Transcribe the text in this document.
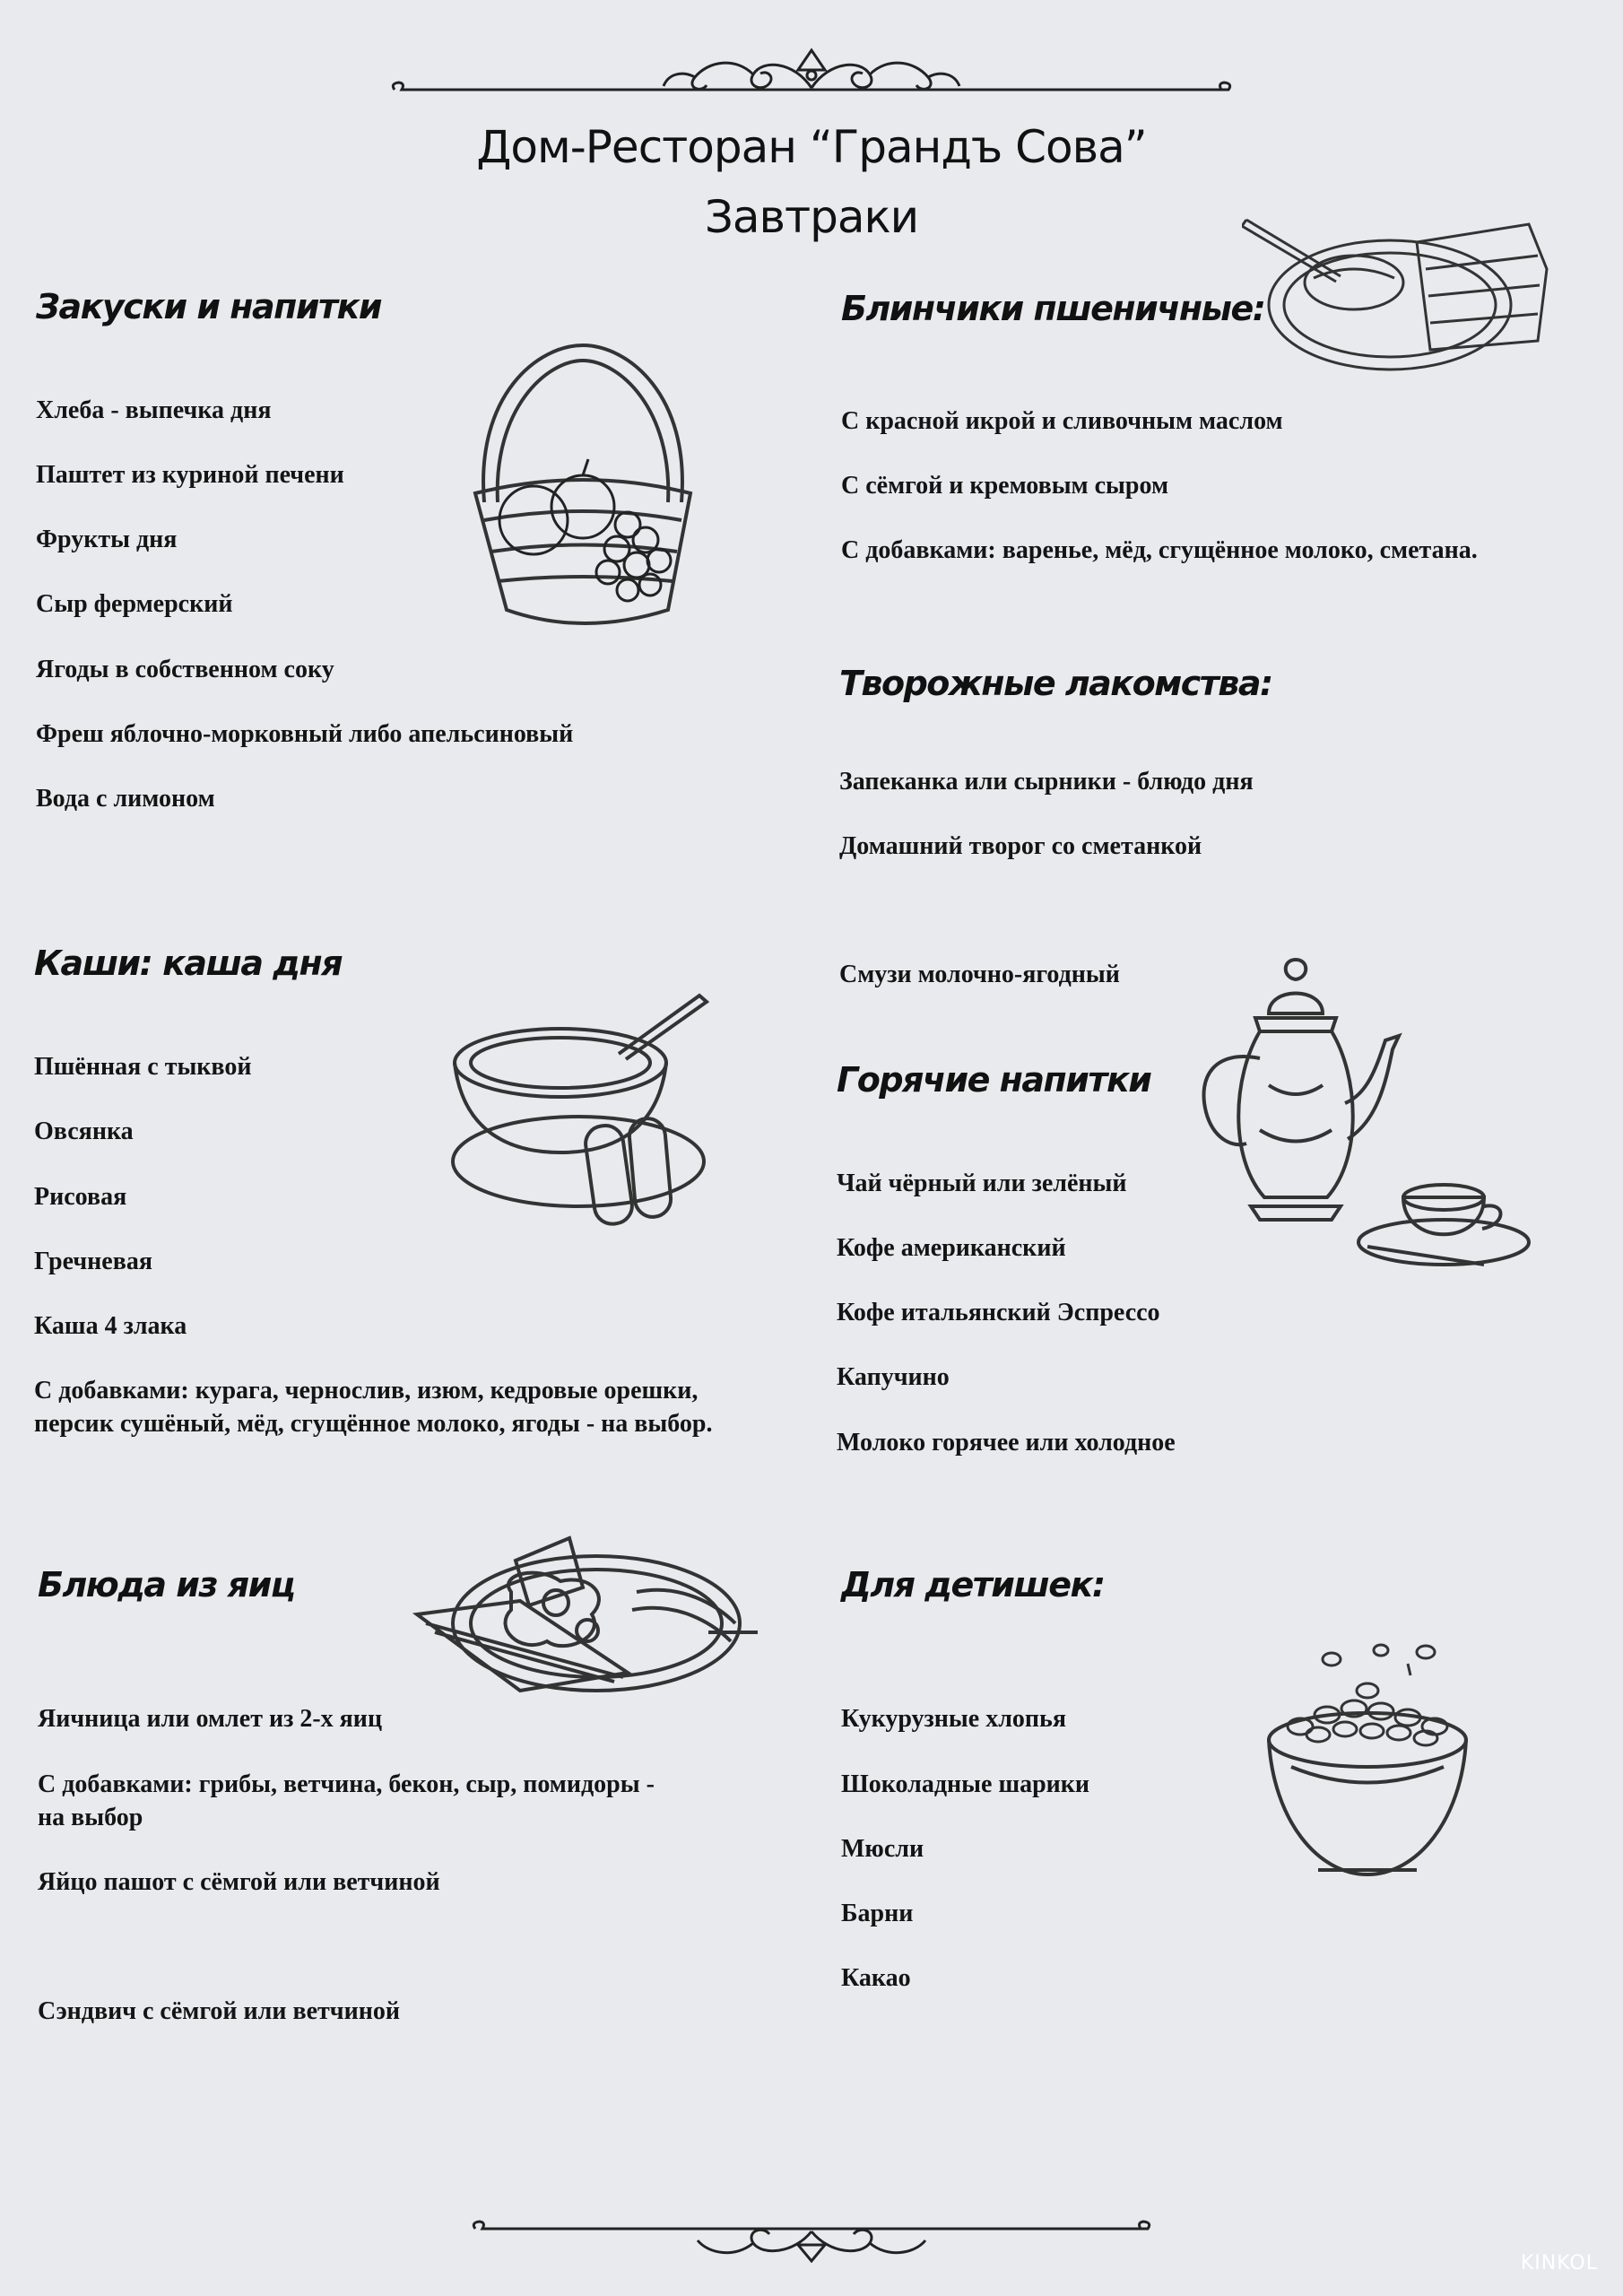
Дом-Ресторан “Грандъ Сова”
Завтраки
Закуски и напитки
Хлеба - выпечка дня
Паштет из куриной печени
Фрукты дня
Сыр фермерский
Ягоды в собственном соку
Фреш яблочно-морковный либо апельсиновый
Вода с лимоном
Блинчики пшеничные:
С красной икрой и сливочным маслом
С сёмгой и кремовым сыром
С добавками: варенье, мёд, сгущённое молоко, сметана.
Творожные лакомства:
Запеканка или сырники - блюдо дня
Домашний творог со сметанкой
Смузи молочно-ягодный
Каши: каша дня
Пшённая с тыквой
Овсянка
Рисовая
Гречневая
Каша 4 злака
С добавками: курага, чернослив, изюм, кедровые орешки,
персик сушёный, мёд, сгущённое молоко, ягоды - на выбор.
Горячие напитки
Чай чёрный или зелёный
Кофе американский
Кофе итальянский Эспрессо
Капучино
Молоко горячее или холодное
Блюда из яиц
Яичница или омлет из 2-х яиц
С добавками: грибы, ветчина, бекон, сыр, помидоры -
на выбор
Яйцо пашот с сёмгой или ветчиной
Сэндвич с сёмгой или ветчиной
Для детишек:
Кукурузные хлопья
Шоколадные шарики
Мюсли
Барни
Какао
KINKOL
